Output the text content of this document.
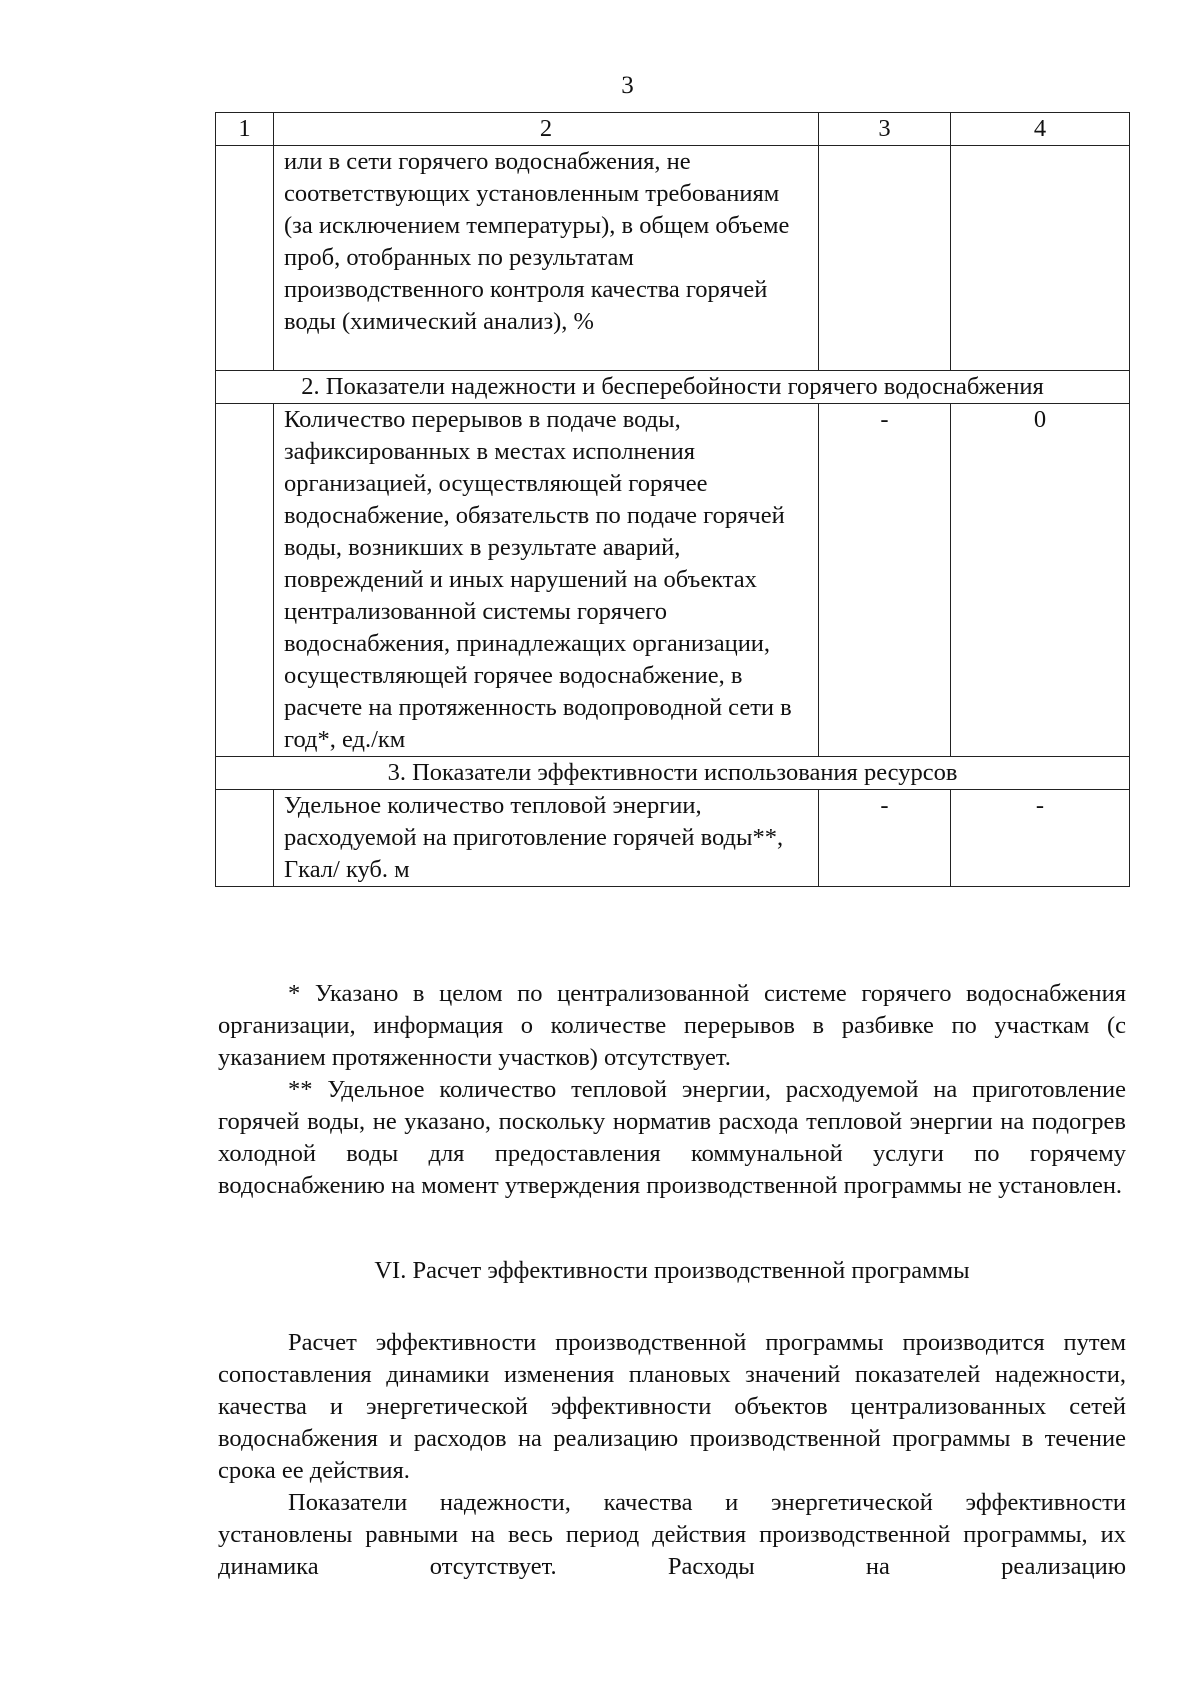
3
1	2	3	4
	или в сети горячего водоснабжения, не соответствующих установленным требованиям (за исключением температуры), в общем объеме проб, отобранных по результатам производственного контроля качества горячей воды (химический анализ), %		
2. Показатели надежности и бесперебойности горячего водоснабжения			
	Количество перерывов в подаче воды, зафиксированных в местах исполнения организацией, осуществляющей горячее водоснабжение, обязательств по подаче горячей воды, возникших в результате аварий, повреждений и иных нарушений на объектах централизованной системы горячего водоснабжения, принадлежащих организации, осуществляющей горячее водоснабжение, в расчете на протяженность водопроводной сети в год*, ед./км	-	0
3. Показатели эффективности использования ресурсов			
	Удельное количество тепловой энергии, расходуемой на приготовление горячей воды**, Гкал/ куб. м	-	-

* Указано в целом по централизованной системе горячего водоснабжения организации, информация о количестве перерывов в разбивке по участкам (с указанием протяженности участков) отсутствует.

** Удельное количество тепловой энергии, расходуемой на приготовление горячей воды, не указано, поскольку норматив расхода тепловой энергии на подогрев холодной воды для предоставления коммунальной услуги по горячему водоснабжению на момент утверждения производственной программы не установлен.

VI. Расчет эффективности производственной программы

Расчет эффективности производственной программы производится путем сопоставления динамики изменения плановых значений показателей надежности, качества и энергетической эффективности объектов централизованных сетей водоснабжения и расходов на реализацию производственной программы в течение срока ее действия.

Показатели надежности, качества и энергетической эффективности установлены равными на весь период действия производственной программы, их динамика отсутствует. Расходы на реализацию
